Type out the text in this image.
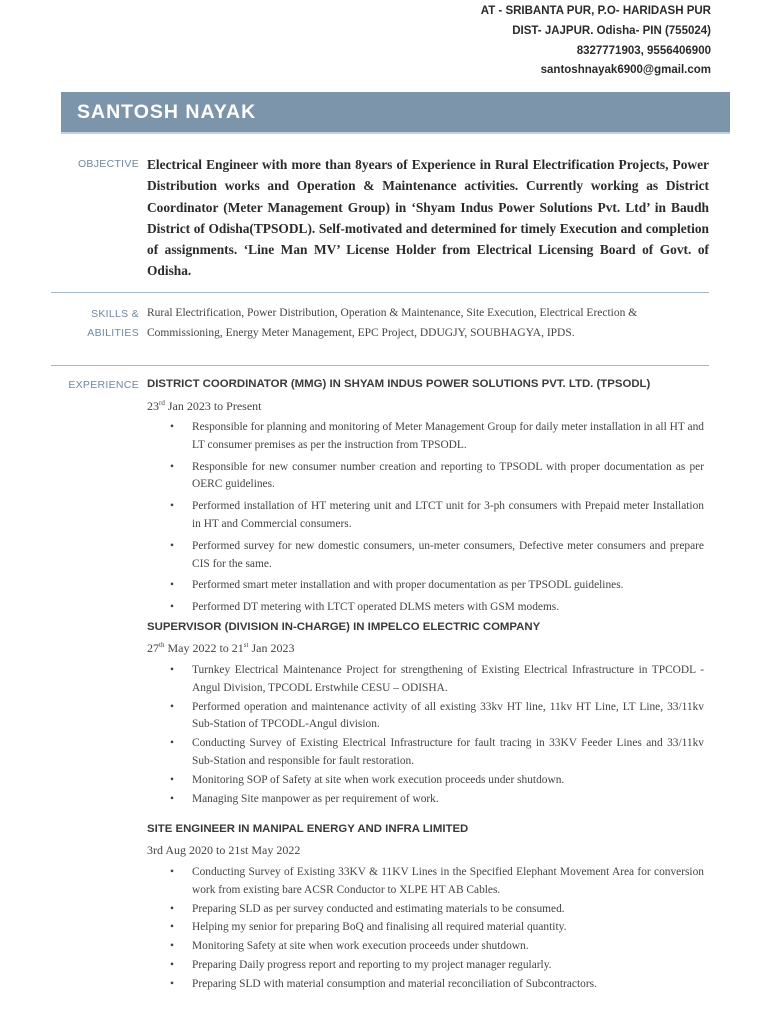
AT - SRIBANTA PUR, P.O- HARIDASH PUR
DIST- JAJPUR. Odisha- PIN (755024)
8327771903, 9556406900
santoshnayak6900@gmail.com
SANTOSH NAYAK
OBJECTIVE Electrical Engineer with more than 8years of Experience in Rural Electrification Projects, Power Distribution works and Operation & Maintenance activities. Currently working as District Coordinator (Meter Management Group) in ‘Shyam Indus Power Solutions Pvt. Ltd’ in Baudh District of Odisha(TPSODL). Self-motivated and determined for timely Execution and completion of assignments. ‘Line Man MV’ License Holder from Electrical Licensing Board of Govt. of Odisha.
SKILLS &
ABILITIES
Rural Electrification, Power Distribution, Operation & Maintenance, Site Execution, Electrical Erection & Commissioning, Energy Meter Management, EPC Project, DDUGJY, SOUBHAGYA, IPDS.
EXPERIENCE DISTRICT COORDINATOR (MMG) IN SHYAM INDUS POWER SOLUTIONS PVT. LTD. (TPSODL)
23rd Jan 2023 to Present
• Responsible for planning and monitoring of Meter Management Group for daily meter installation in all HT and LT consumer premises as per the instruction from TPSODL.
• Responsible for new consumer number creation and reporting to TPSODL with proper documentation as per OERC guidelines.
• Performed installation of HT metering unit and LTCT unit for 3-ph consumers with Prepaid meter Installation in HT and Commercial consumers.
• Performed survey for new domestic consumers, un-meter consumers, Defective meter consumers and prepare CIS for the same.
• Performed smart meter installation and with proper documentation as per TPSODL guidelines.
• Performed DT metering with LTCT operated DLMS meters with GSM modems.
SUPERVISOR (DIVISION IN-CHARGE) IN IMPELCO ELECTRIC COMPANY
27th May 2022 to 21st Jan 2023
• Turnkey Electrical Maintenance Project for strengthening of Existing Electrical Infrastructure in TPCODL - Angul Division, TPCODL Erstwhile CESU – ODISHA.
• Performed operation and maintenance activity of all existing 33kv HT line, 11kv HT Line, LT Line, 33/11kv Sub-Station of TPCODL-Angul division.
• Conducting Survey of Existing Electrical Infrastructure for fault tracing in 33KV Feeder Lines and 33/11kv Sub-Station and responsible for fault restoration.
• Monitoring SOP of Safety at site when work execution proceeds under shutdown.
• Managing Site manpower as per requirement of work.
SITE ENGINEER IN MANIPAL ENERGY AND INFRA LIMITED
3rd Aug 2020 to 21st May 2022
• Conducting Survey of Existing 33KV & 11KV Lines in the Specified Elephant Movement Area for conversion work from existing bare ACSR Conductor to XLPE HT AB Cables.
• Preparing SLD as per survey conducted and estimating materials to be consumed.
• Helping my senior for preparing BoQ and finalising all required material quantity.
• Monitoring Safety at site when work execution proceeds under shutdown.
• Preparing Daily progress report and reporting to my project manager regularly.
• Preparing SLD with material consumption and material reconciliation of Subcontractors.
